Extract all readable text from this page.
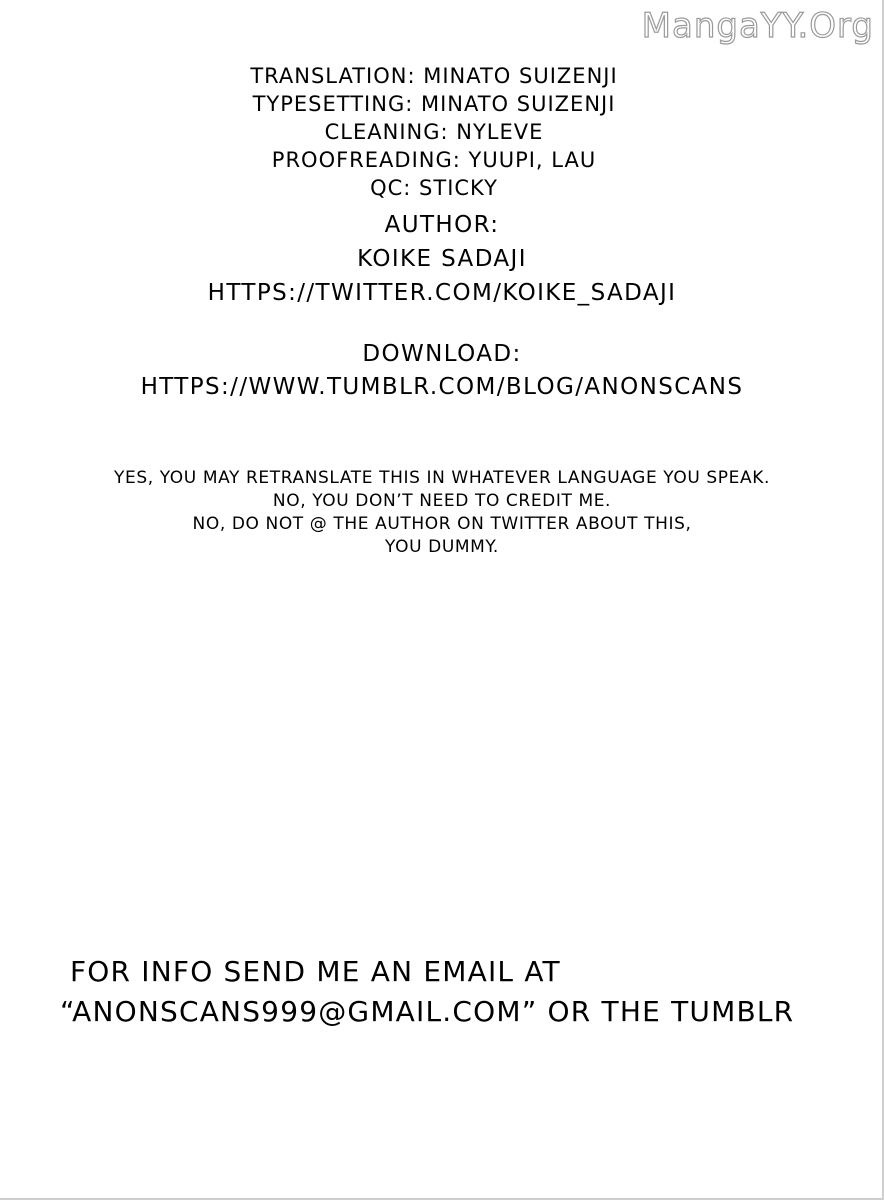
MangaYY.Org
TRANSLATION: MINATO SUIZENJI
TYPESETTING: MINATO SUIZENJI
CLEANING: NYLEVE
PROOFREADING: YUUPI, LAU
QC: STICKY
AUTHOR:
KOIKE SADAJI
HTTPS://TWITTER.COM/KOIKE_SADAJI
DOWNLOAD:
HTTPS://WWW.TUMBLR.COM/BLOG/ANONSCANS
YES, YOU MAY RETRANSLATE THIS IN WHATEVER LANGUAGE YOU SPEAK.
NO, YOU DON’T NEED TO CREDIT ME.
NO, DO NOT @ THE AUTHOR ON TWITTER ABOUT THIS,
YOU DUMMY.
FOR INFO SEND ME AN EMAIL AT
“ANONSCANS999@GMAIL.COM” OR THE TUMBLR
